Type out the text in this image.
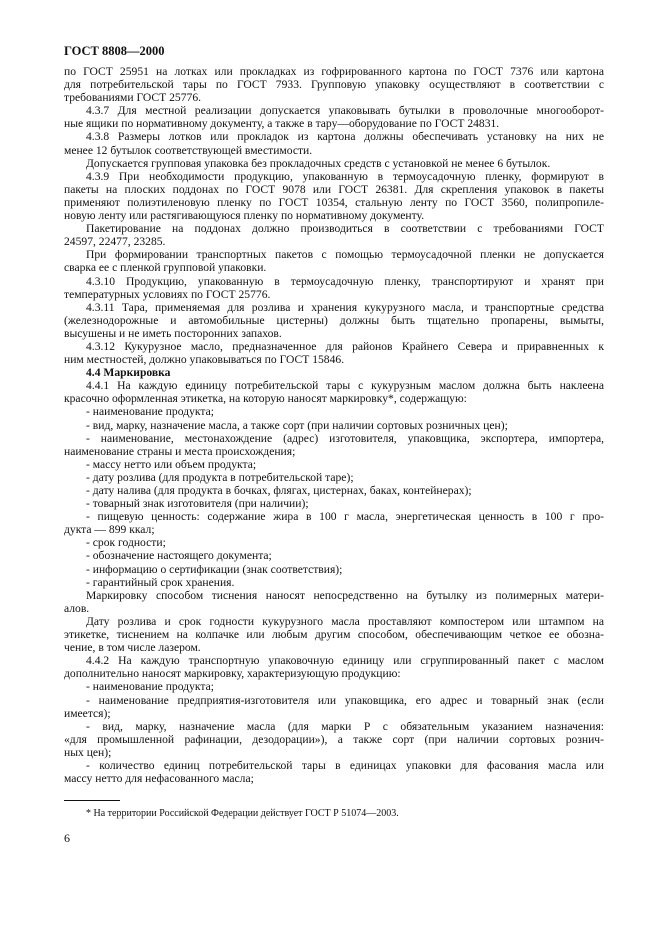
ГОСТ 8808—2000
по ГОСТ 25951 на лотках или прокладках из гофрированного картона по ГОСТ 7376 или картона
для потребительской тары по ГОСТ 7933. Групповую упаковку осуществляют в соответствии с
требованиями ГОСТ 25776.
4.3.7 Для местной реализации допускается упаковывать бутылки в проволочные многооборот-
ные ящики по нормативному документу, а также в тару—оборудование по ГОСТ 24831.
4.3.8 Размеры лотков или прокладок из картона должны обеспечивать установку на них не
менее 12 бутылок соответствующей вместимости.
Допускается групповая упаковка без прокладочных средств с установкой не менее 6 бутылок.
4.3.9 При необходимости продукцию, упакованную в термоусадочную пленку, формируют в
пакеты на плоских поддонах по ГОСТ 9078 или ГОСТ 26381. Для скрепления упаковок в пакеты
применяют полиэтиленовую пленку по ГОСТ 10354, стальную ленту по ГОСТ 3560, полипропиле-
новую ленту или растягивающуюся пленку по нормативному документу.
Пакетирование на поддонах должно производиться в соответствии с требованиями ГОСТ
24597, 22477, 23285.
При формировании транспортных пакетов с помощью термоусадочной пленки не допускается
сварка ее с пленкой групповой упаковки.
4.3.10 Продукцию, упакованную в термоусадочную пленку, транспортируют и хранят при
температурных условиях по ГОСТ 25776.
4.3.11 Тара, применяемая для розлива и хранения кукурузного масла, и транспортные средства
(железнодорожные и автомобильные цистерны) должны быть тщательно пропарены, вымыты,
высушены и не иметь посторонних запахов.
4.3.12 Кукурузное масло, предназначенное для районов Крайнего Севера и приравненных к
ним местностей, должно упаковываться по ГОСТ 15846.
4.4 Маркировка
4.4.1 На каждую единицу потребительской тары с кукурузным маслом должна быть наклеена
красочно оформленная этикетка, на которую наносят маркировку*, содержащую:
- наименование продукта;
- вид, марку, назначение масла, а также сорт (при наличии сортовых розничных цен);
- наименование, местонахождение (адрес) изготовителя, упаковщика, экспортера, импортера,
наименование страны и места происхождения;
- массу нетто или объем продукта;
- дату розлива (для продукта в потребительской таре);
- дату налива (для продукта в бочках, флягах, цистернах, баках, контейнерах);
- товарный знак изготовителя (при наличии);
- пищевую ценность: содержание жира в 100 г масла, энергетическая ценность в 100 г про-
дукта — 899 ккал;
- срок годности;
- обозначение настоящего документа;
- информацию о сертификации (знак соответствия);
- гарантийный срок хранения.
Маркировку способом тиснения наносят непосредственно на бутылку из полимерных матери-
алов.
Дату розлива и срок годности кукурузного масла проставляют компостером или штампом на
этикетке, тиснением на колпачке или любым другим способом, обеспечивающим четкое ее обозна-
чение, в том числе лазером.
4.4.2 На каждую транспортную упаковочную единицу или сгруппированный пакет с маслом
дополнительно наносят маркировку, характеризующую продукцию:
- наименование продукта;
- наименование предприятия-изготовителя или упаковщика, его адрес и товарный знак (если
имеется);
- вид, марку, назначение масла (для марки Р с обязательным указанием назначения:
«для промышленной рафинации, дезодорации»), а также сорт (при наличии сортовых рознич-
ных цен);
- количество единиц потребительской тары в единицах упаковки для фасования масла или
массу нетто для нефасованного масла;
* На территории Российской Федерации действует ГОСТ Р 51074—2003.
6
